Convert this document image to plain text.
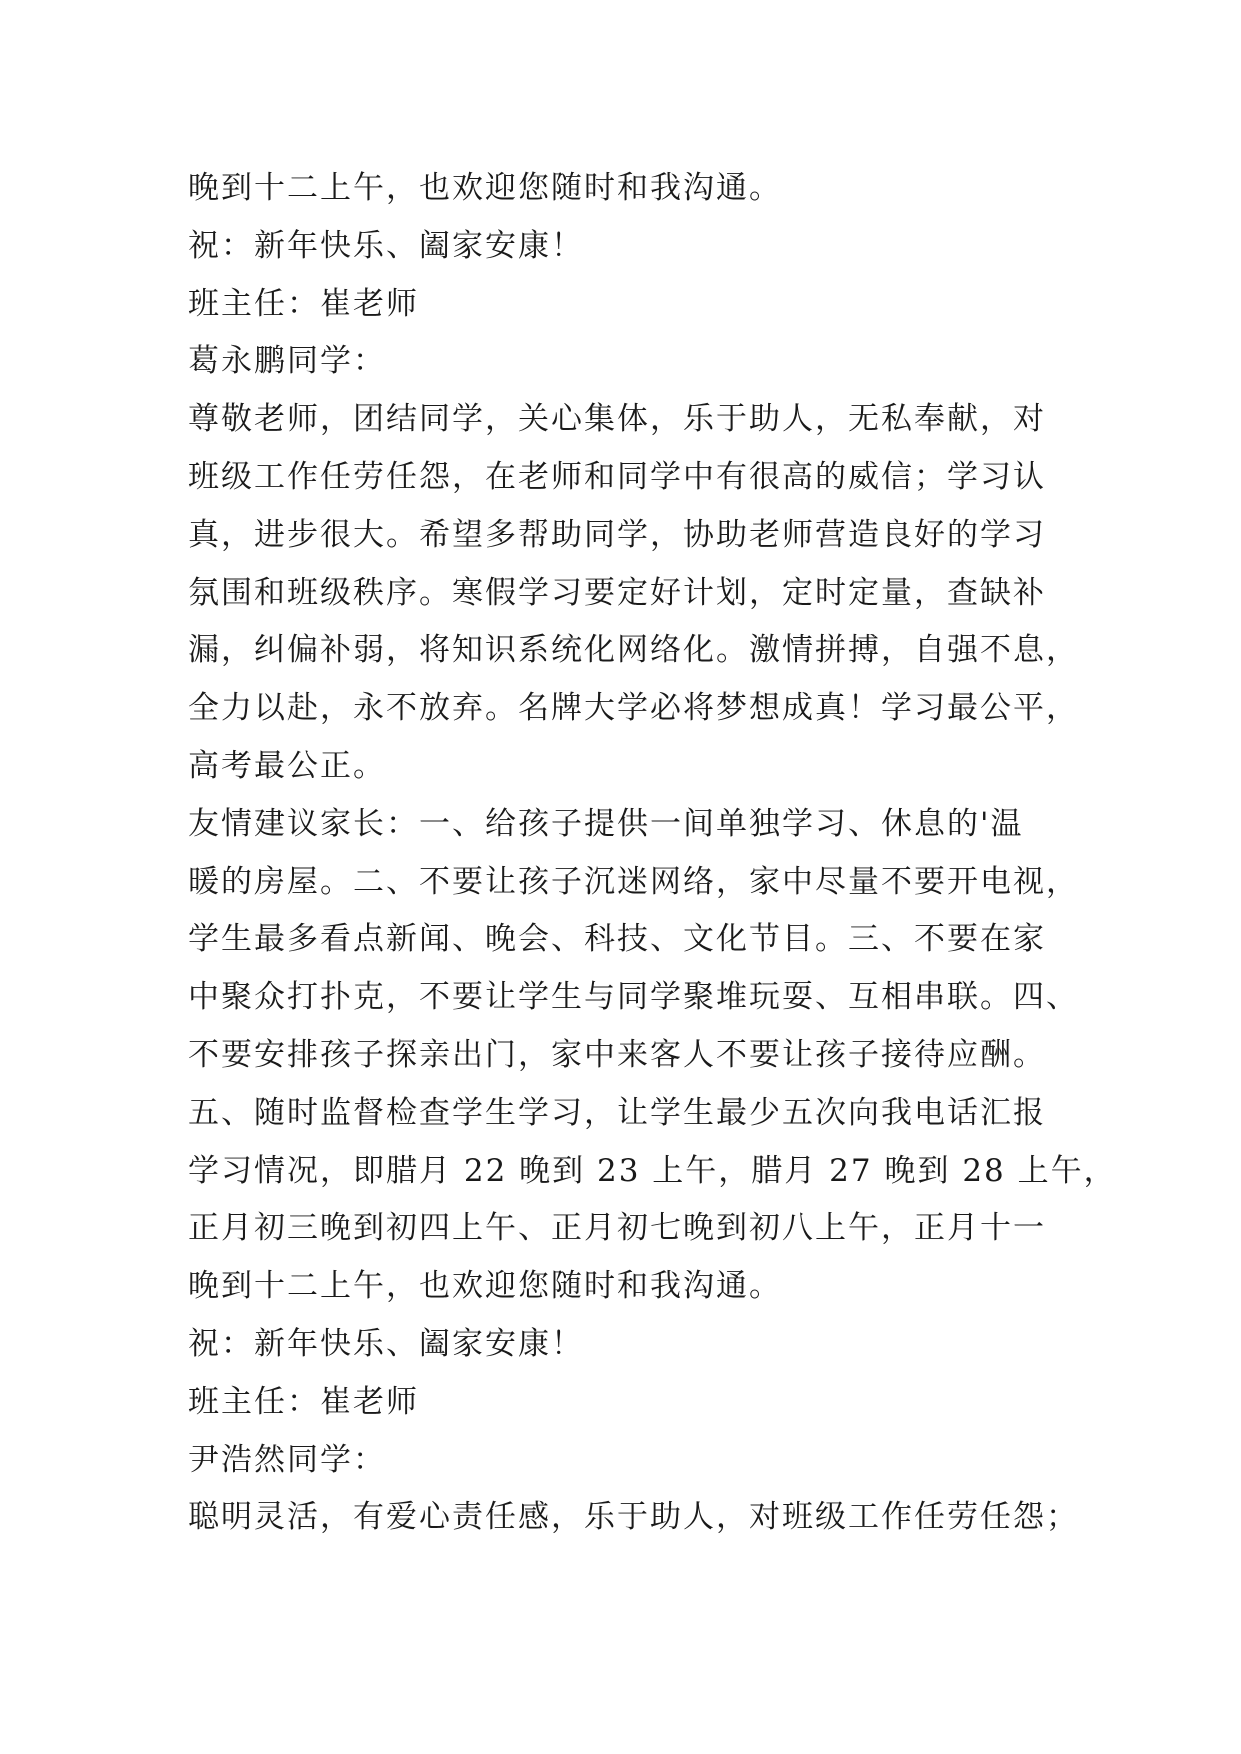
晚到十二上午，也欢迎您随时和我沟通。
祝：新年快乐、阖家安康！
班主任：崔老师
葛永鹏同学：
尊敬老师，团结同学，关心集体，乐于助人，无私奉献，对
班级工作任劳任怨，在老师和同学中有很高的威信；学习认
真，进步很大。希望多帮助同学，协助老师营造良好的学习
氛围和班级秩序。寒假学习要定好计划，定时定量，查缺补
漏，纠偏补弱，将知识系统化网络化。激情拼搏，自强不息，
全力以赴，永不放弃。名牌大学必将梦想成真！学习最公平，
高考最公正。
友情建议家长：一、给孩子提供一间单独学习、休息的'温
暖的房屋。二、不要让孩子沉迷网络，家中尽量不要开电视，
学生最多看点新闻、晚会、科技、文化节目。三、不要在家
中聚众打扑克，不要让学生与同学聚堆玩耍、互相串联。四、
不要安排孩子探亲出门，家中来客人不要让孩子接待应酬。
五、随时监督检查学生学习，让学生最少五次向我电话汇报
学习情况，即腊月 22 晚到 23 上午，腊月 27 晚到 28 上午，
正月初三晚到初四上午、正月初七晚到初八上午，正月十一
晚到十二上午，也欢迎您随时和我沟通。
祝：新年快乐、阖家安康！
班主任：崔老师
尹浩然同学：
聪明灵活，有爱心责任感，乐于助人，对班级工作任劳任怨；
